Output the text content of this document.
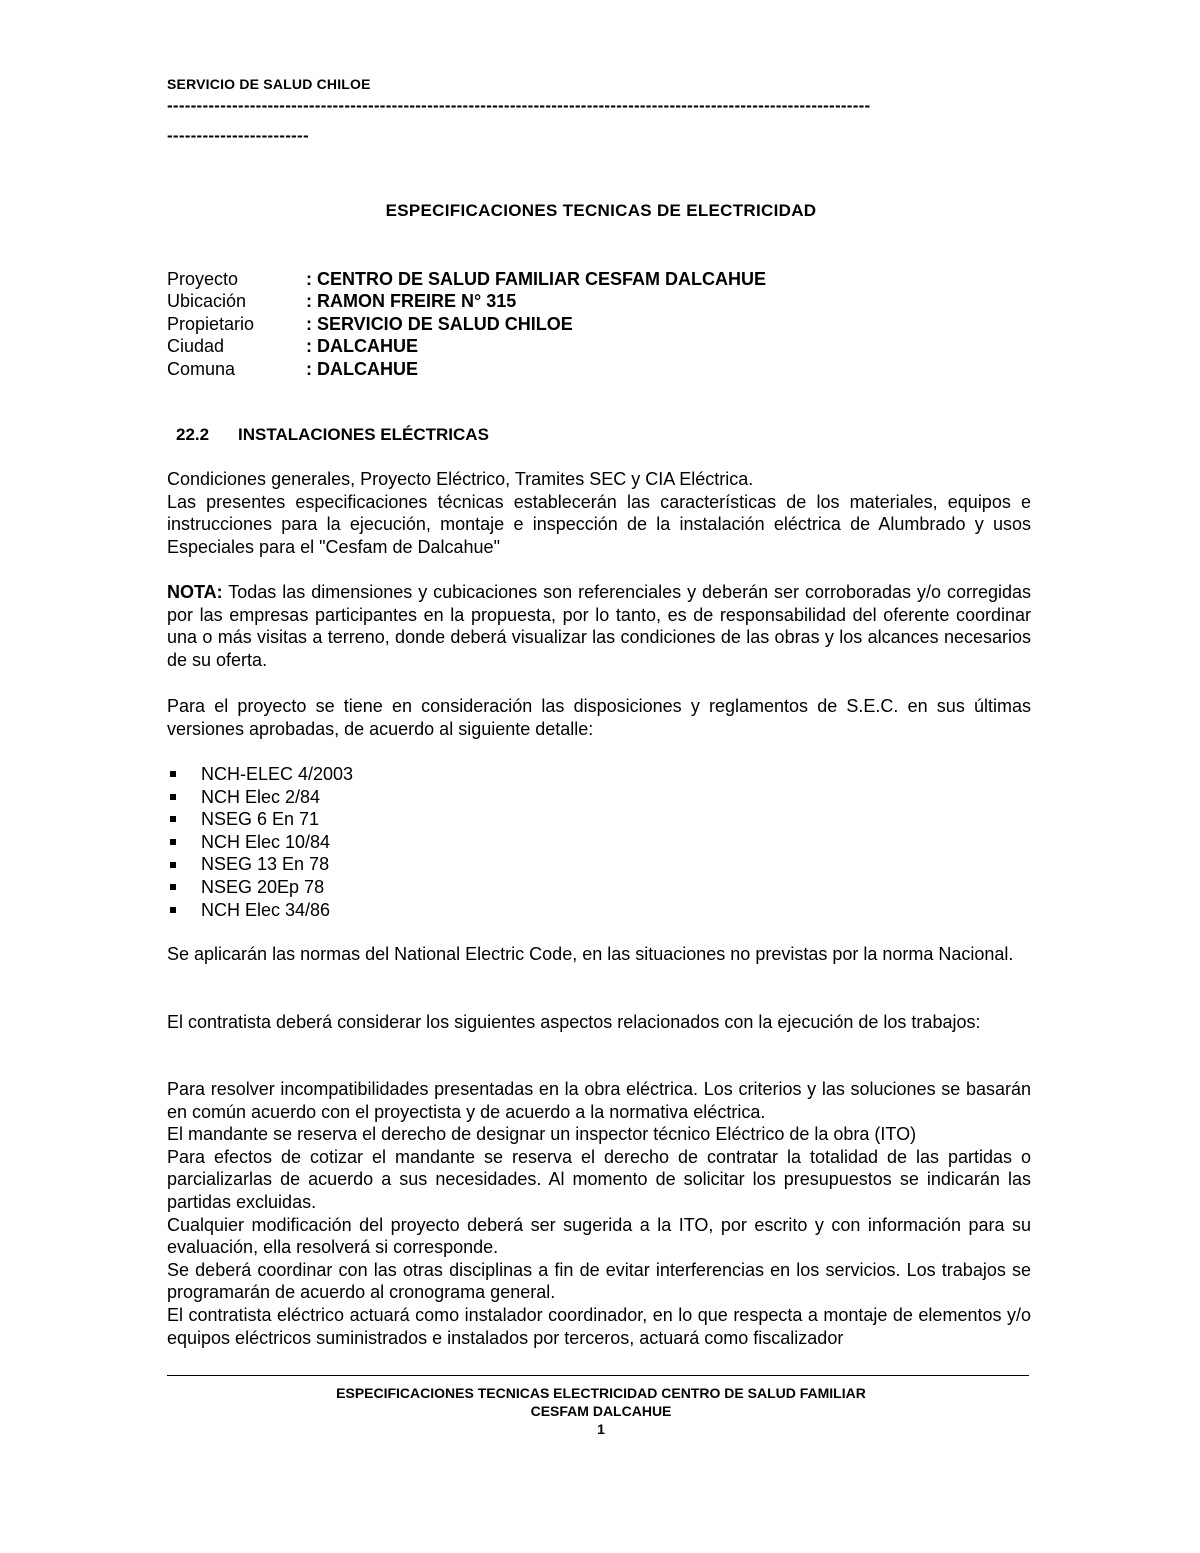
SERVICIO DE SALUD CHILOE
-----------------------------------------------------------------------------------------------------------------------
------------------------
ESPECIFICACIONES TECNICAS DE ELECTRICIDAD
Proyecto	: CENTRO DE SALUD FAMILIAR CESFAM DALCAHUE
Ubicación	: RAMON FREIRE N° 315
Propietario	: SERVICIO DE SALUD CHILOE
Ciudad	: DALCAHUE
Comuna	: DALCAHUE
22.2 INSTALACIONES ELÉCTRICAS

Condiciones generales, Proyecto Eléctrico, Tramites SEC y CIA Eléctrica.

Las presentes especificaciones técnicas establecerán las características de los materiales, equipos e instrucciones para la ejecución, montaje e inspección de la instalación eléctrica de Alumbrado y usos Especiales para el "Cesfam de Dalcahue"

NOTA: Todas las dimensiones y cubicaciones son referenciales y deberán ser corroboradas y/o corregidas por las empresas participantes en la propuesta, por lo tanto, es de responsabilidad del oferente coordinar una o más visitas a terreno, donde deberá visualizar las condiciones de las obras y los alcances necesarios de su oferta.

Para el proyecto se tiene en consideración las disposiciones y reglamentos de S.E.C. en sus últimas versiones aprobadas, de acuerdo al siguiente detalle:

NCH-ELEC 4/2003
NCH Elec 2/84
NSEG 6 En 71
NCH Elec 10/84
NSEG 13 En 78
NSEG 20Ep 78
NCH Elec 34/86

Se aplicarán las normas del National Electric Code, en las situaciones no previstas por la norma Nacional.

El contratista deberá considerar los siguientes aspectos relacionados con la ejecución de los trabajos:

Para resolver incompatibilidades presentadas en la obra eléctrica. Los criterios y las soluciones se basarán en común acuerdo con el proyectista y de acuerdo a la normativa eléctrica.

El mandante se reserva el derecho de designar un inspector técnico Eléctrico de la obra (ITO)

Para efectos de cotizar el mandante se reserva el derecho de contratar la totalidad de las partidas o parcializarlas de acuerdo a sus necesidades. Al momento de solicitar los presupuestos se indicarán las partidas excluidas.

Cualquier modificación del proyecto deberá ser sugerida a la ITO, por escrito y con información para su evaluación, ella resolverá si corresponde.

Se deberá coordinar con las otras disciplinas a fin de evitar interferencias en los servicios. Los trabajos se programarán de acuerdo al cronograma general.

El contratista eléctrico actuará como instalador coordinador, en lo que respecta a montaje de elementos y/o equipos eléctricos suministrados e instalados por terceros, actuará como fiscalizador

ESPECIFICACIONES TECNICAS ELECTRICIDAD CENTRO DE SALUD FAMILIAR
CESFAM DALCAHUE
1
